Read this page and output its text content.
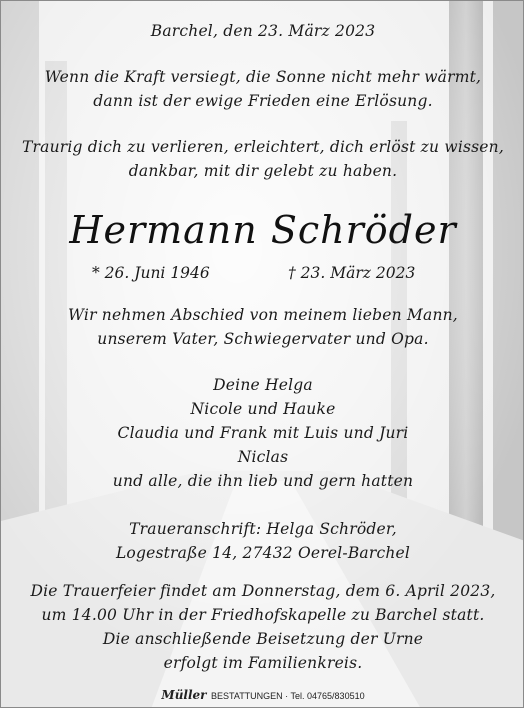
Barchel, den 23. März 2023
Wenn die Kraft versiegt, die Sonne nicht mehr wärmt,
dann ist der ewige Frieden eine Erlösung.
Traurig dich zu verlieren, erleichtert, dich erlöst zu wissen,
dankbar, mit dir gelebt zu haben.
Hermann Schröder
* 26. Juni 1946	† 23. März 2023
Wir nehmen Abschied von meinem lieben Mann,
unserem Vater, Schwiegervater und Opa.
Deine Helga
Nicole und Hauke
Claudia und Frank mit Luis und Juri
Niclas
und alle, die ihn lieb und gern hatten
Traueranschrift: Helga Schröder,
Logestraße 14, 27432 Oerel-Barchel
Die Trauerfeier findet am Donnerstag, dem 6. April 2023,
um 14.00 Uhr in der Friedhofskapelle zu Barchel statt.
Die anschließende Beisetzung der Urne
erfolgt im Familienkreis.
Müller BESTATTUNGEN · Tel. 04765/830510
